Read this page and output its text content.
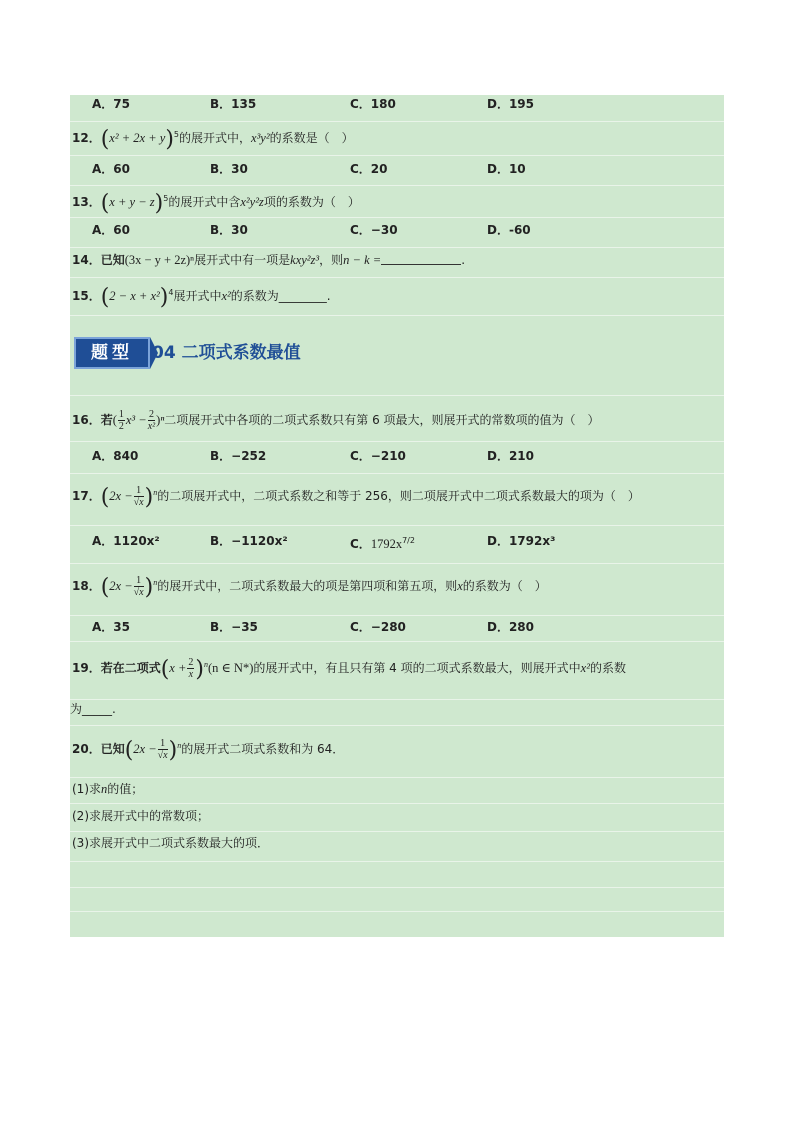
A．75	B．135	C．180	D．195
12．$(x^2 + 2x + y)^5$的展开式中，x³y²的系数是（　）
A．60	B．30	C．20	D．10
13．$(x + y - z)^5$的展开式中含x²y²z项的系数为（　）
A．60	B．30	C．−30	D．-60
14．已知(3x − y + 2z)ⁿ展开式中有一项是kxy²z³，则n − k =	.
15．$(2 - x + x^2)^4$展开式中x²的系数为________.
题型	04 二项式系数最值
16．若( $\frac{1}{2} x^3 - \frac{2}{\text{x²}} )^n$二项展开式中各项的二项式系数只有第 6 项最大，则展开式的常数项的值为（　）
A．840	B．−252	C．−210	D．210
17．$(2x - \frac{1}{√x} )^n$的二项展开式中，二项式系数之和等于 256，则二项展开式中二项式系数最大的项为（　）
A．1120x²	B．−1120x²	C．$1792x^{7/2}$	D．1792x³
18．$(2x - \frac{1}{√x} )^n$的展开式中，二项式系数最大的项是第四项和第五项，则x的系数为（　）
A．35	B．−35	C．−280	D．280
19．若在二项式$(x + \frac{2}{x} )^n(n$ ∈ N*)的展开式中，有且只有第 4 项的二项式系数最大，则展开式中x²的系数
为_____.
20．已知$(2x - \frac{1}{√x} )^n$的展开式二项式系数和为 64．
(1)求n的值；
(2)求展开式中的常数项；
(3)求展开式中二项式系数最大的项．
